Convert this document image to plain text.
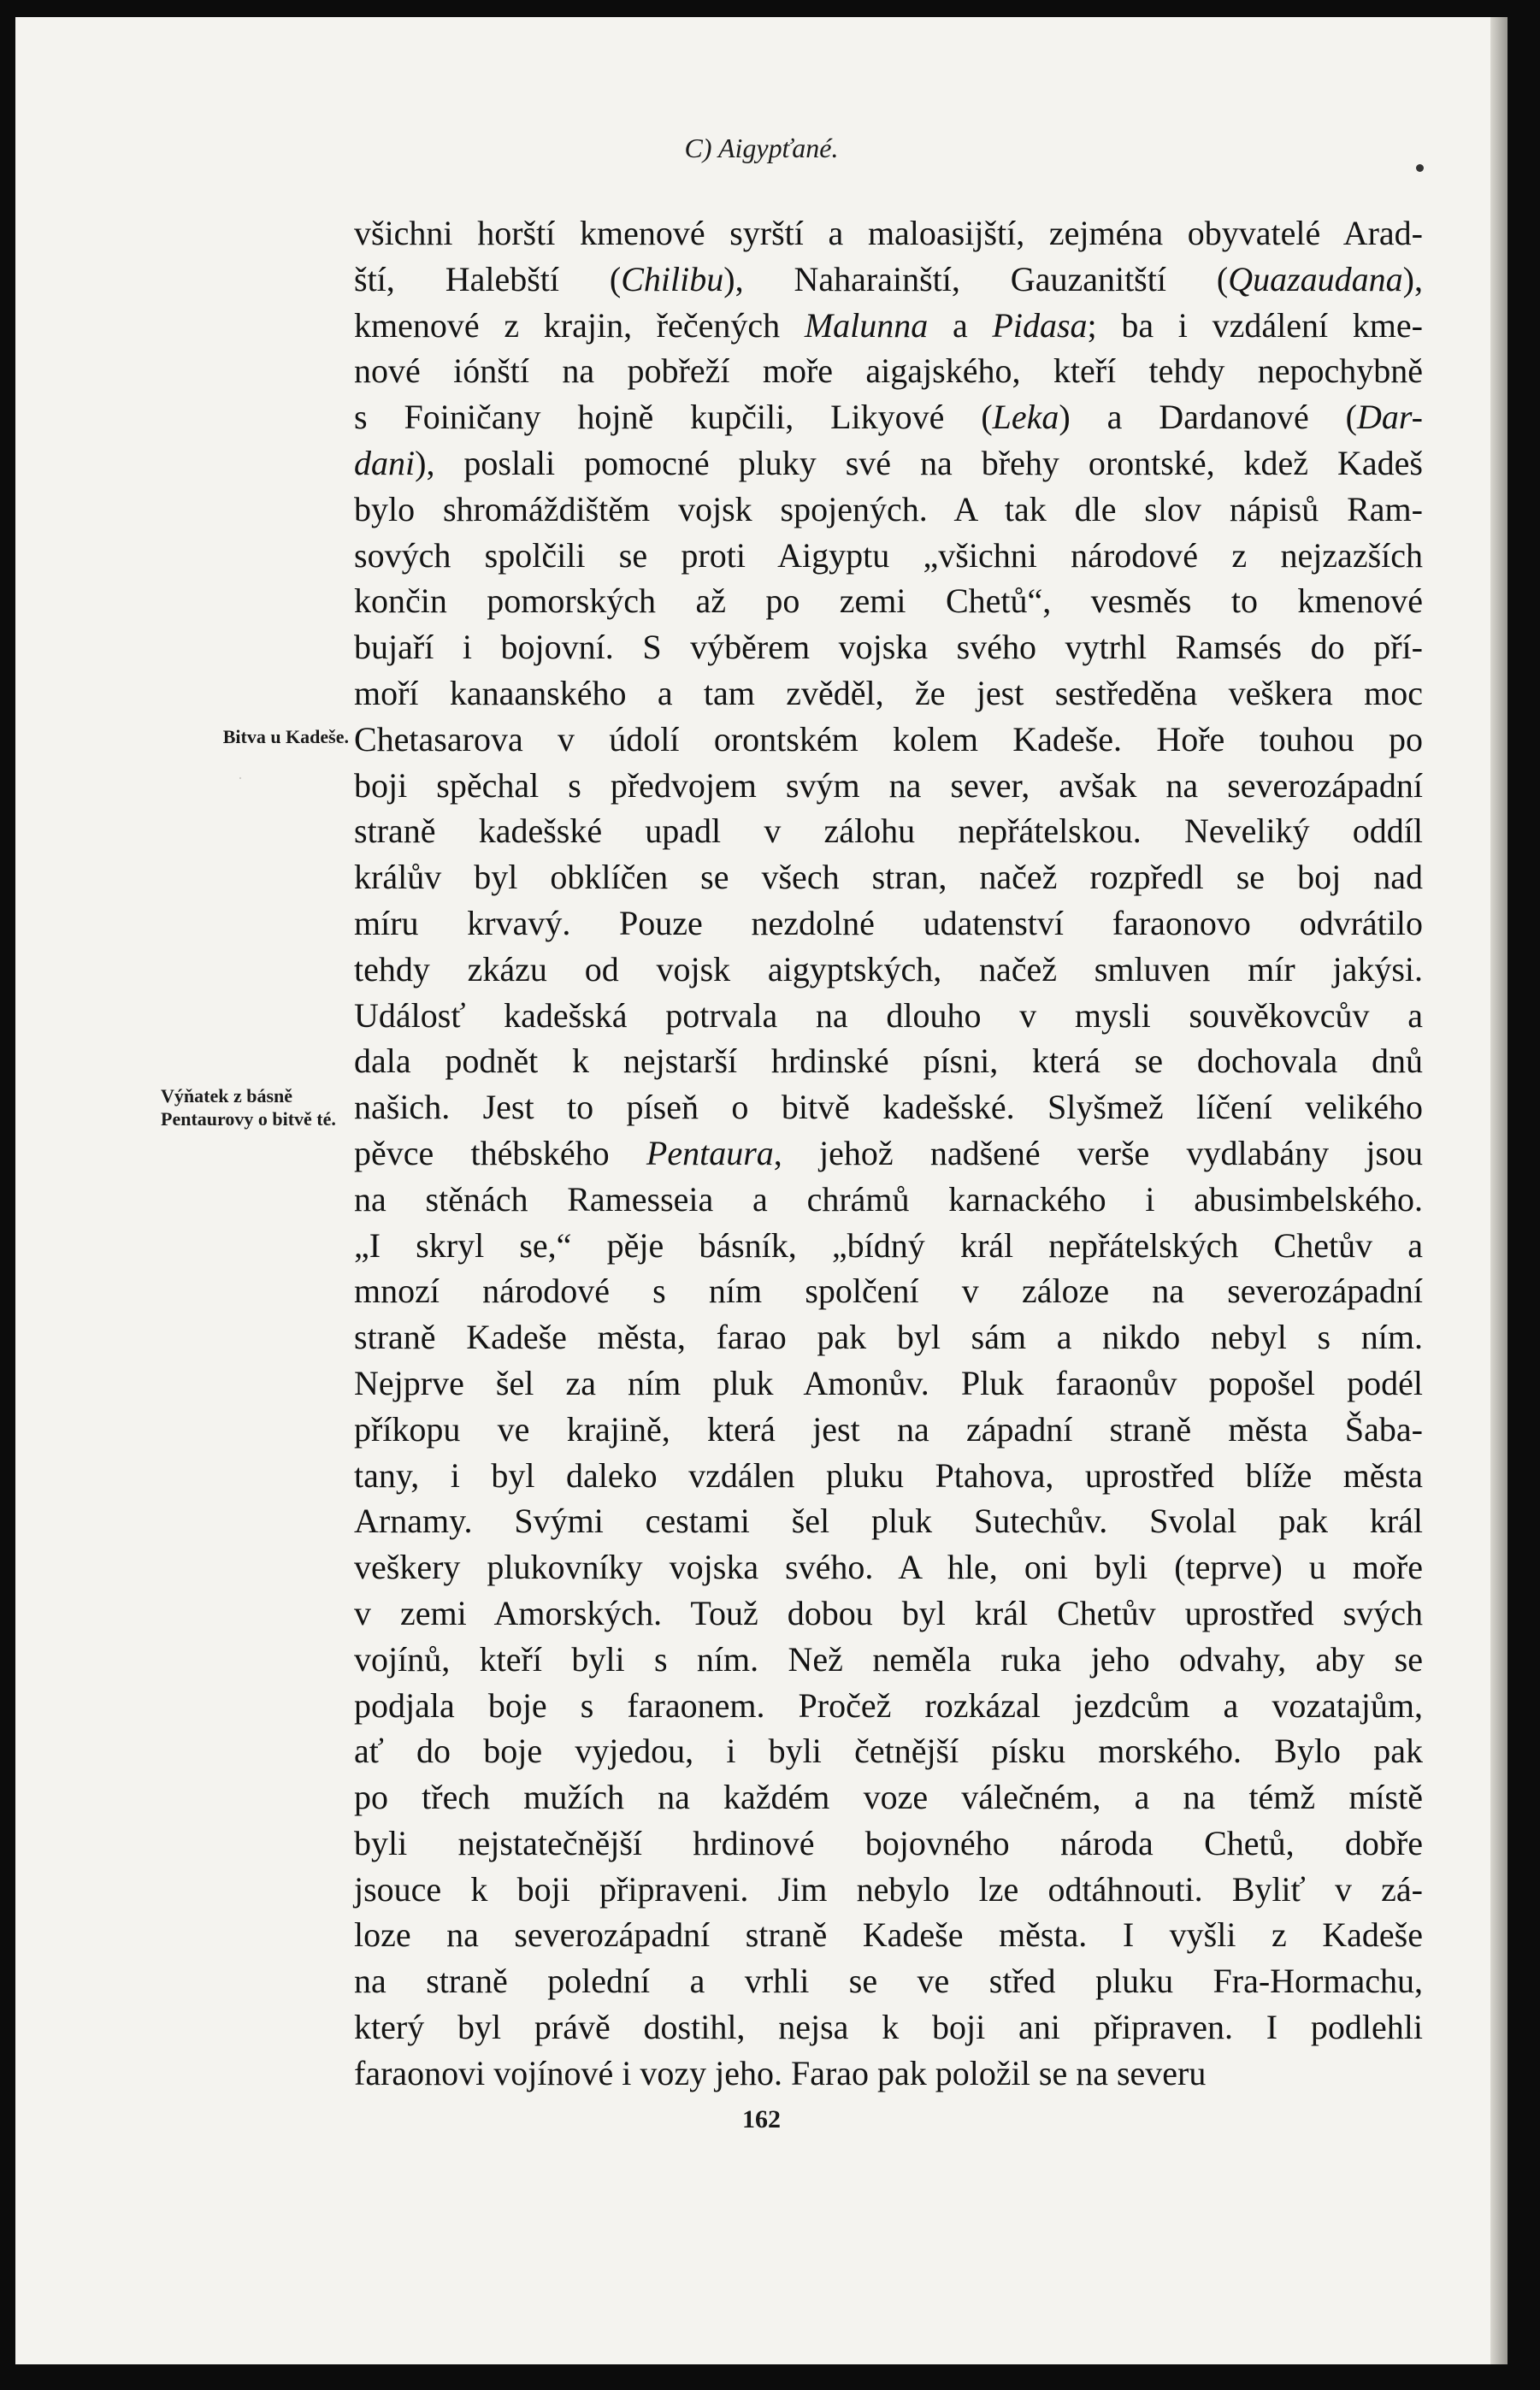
C) Aigypťané.
Bitva u Kadeše.
Výňatek z básně Pentaurovy o bitvě té.
všichni horští kmenové syrští a maloasijští, zejména obyvatelé Arad-
ští, Halebští (Chilibu), Naharainští, Gauzanitští (Quazaudana),
kmenové z krajin, řečených Malunna a Pidasa; ba i vzdálení kme-
nové iónští na pobřeží moře aigajského, kteří tehdy nepochybně
s Foiničany hojně kupčili, Likyové (Leka) a Dardanové (Dar-
dani), poslali pomocné pluky své na břehy orontské, kdež Kadeš
bylo shromáždištěm vojsk spojených. A tak dle slov nápisů Ram-
sových spolčili se proti Aigyptu „všichni národové z nejzazších
končin pomorských až po zemi Chetů“, vesměs to kmenové
bujaří i bojovní. S výběrem vojska svého vytrhl Ramsés do pří-
moří kanaanského a tam zvěděl, že jest sestředěna veškera moc
Chetasarova v údolí orontském kolem Kadeše. Hoře touhou po
boji spěchal s předvojem svým na sever, avšak na severozápadní
straně kadešské upadl v zálohu nepřátelskou. Neveliký oddíl
králův byl obklíčen se všech stran, načež rozpředl se boj nad
míru krvavý. Pouze nezdolné udatenství faraonovo odvrátilo
tehdy zkázu od vojsk aigyptských, načež smluven mír jakýsi.
Událosť kadešská potrvala na dlouho v mysli souvěkovcův a
dala podnět k nejstarší hrdinské písni, která se dochovala dnů
našich. Jest to píseň o bitvě kadešské. Slyšmež líčení velikého
pěvce thébského Pentaura, jehož nadšené verše vydlabány jsou
na stěnách Ramesseia a chrámů karnackého i abusimbelského.
„I skryl se,“ pěje básník, „bídný král nepřátelských Chetův a
mnozí národové s ním spolčení v záloze na severozápadní
straně Kadeše města, farao pak byl sám a nikdo nebyl s ním.
Nejprve šel za ním pluk Amonův. Pluk faraonův popošel podél
příkopu ve krajině, která jest na západní straně města Šaba-
tany, i byl daleko vzdálen pluku Ptahova, uprostřed blíže města
Arnamy. Svými cestami šel pluk Sutechův. Svolal pak král
veškery plukovníky vojska svého. A hle, oni byli (teprve) u moře
v zemi Amorských. Touž dobou byl král Chetův uprostřed svých
vojínů, kteří byli s ním. Než neměla ruka jeho odvahy, aby se
podjala boje s faraonem. Pročež rozkázal jezdcům a vozatajům,
ať do boje vyjedou, i byli četnější písku morského. Bylo pak
po třech mužích na každém voze válečném, a na témž místě
byli nejstatečnější hrdinové bojovného národa Chetů, dobře
jsouce k boji připraveni. Jim nebylo lze odtáhnouti. Byliť v zá-
loze na severozápadní straně Kadeše města. I vyšli z Kadeše
na straně polední a vrhli se ve střed pluku Fra-Hormachu,
který byl právě dostihl, nejsa k boji ani připraven. I podlehli
faraonovi vojínové i vozy jeho. Farao pak položil se na severu
162
·
